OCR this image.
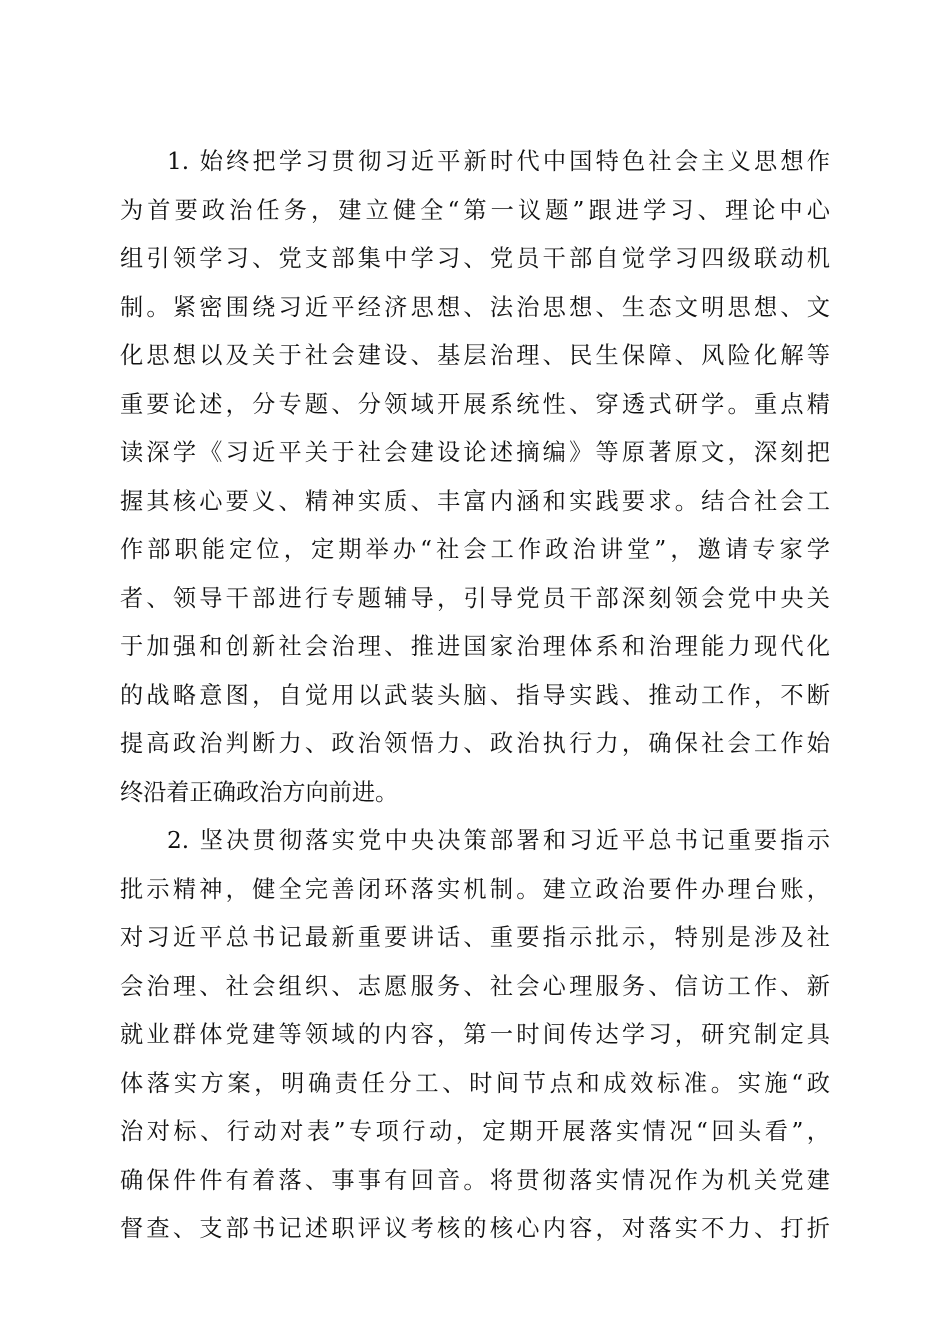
1. 始终把学习贯彻习近平新时代中国特色社会主义思想作
为首要政治任务，建立健全“第一议题”跟进学习、理论中心
组引领学习、党支部集中学习、党员干部自觉学习四级联动机
制。紧密围绕习近平经济思想、法治思想、生态文明思想、文
化思想以及关于社会建设、基层治理、民生保障、风险化解等
重要论述，分专题、分领域开展系统性、穿透式研学。重点精
读深学《习近平关于社会建设论述摘编》等原著原文，深刻把
握其核心要义、精神实质、丰富内涵和实践要求。结合社会工
作部职能定位，定期举办“社会工作政治讲堂”，邀请专家学
者、领导干部进行专题辅导，引导党员干部深刻领会党中央关
于加强和创新社会治理、推进国家治理体系和治理能力现代化
的战略意图，自觉用以武装头脑、指导实践、推动工作，不断
提高政治判断力、政治领悟力、政治执行力，确保社会工作始
终沿着正确政治方向前进。
2. 坚决贯彻落实党中央决策部署和习近平总书记重要指示
批示精神，健全完善闭环落实机制。建立政治要件办理台账，
对习近平总书记最新重要讲话、重要指示批示，特别是涉及社
会治理、社会组织、志愿服务、社会心理服务、信访工作、新
就业群体党建等领域的内容，第一时间传达学习，研究制定具
体落实方案，明确责任分工、时间节点和成效标准。实施“政
治对标、行动对表”专项行动，定期开展落实情况“回头看”，
确保件件有着落、事事有回音。将贯彻落实情况作为机关党建
督查、支部书记述职评议考核的核心内容，对落实不力、打折
